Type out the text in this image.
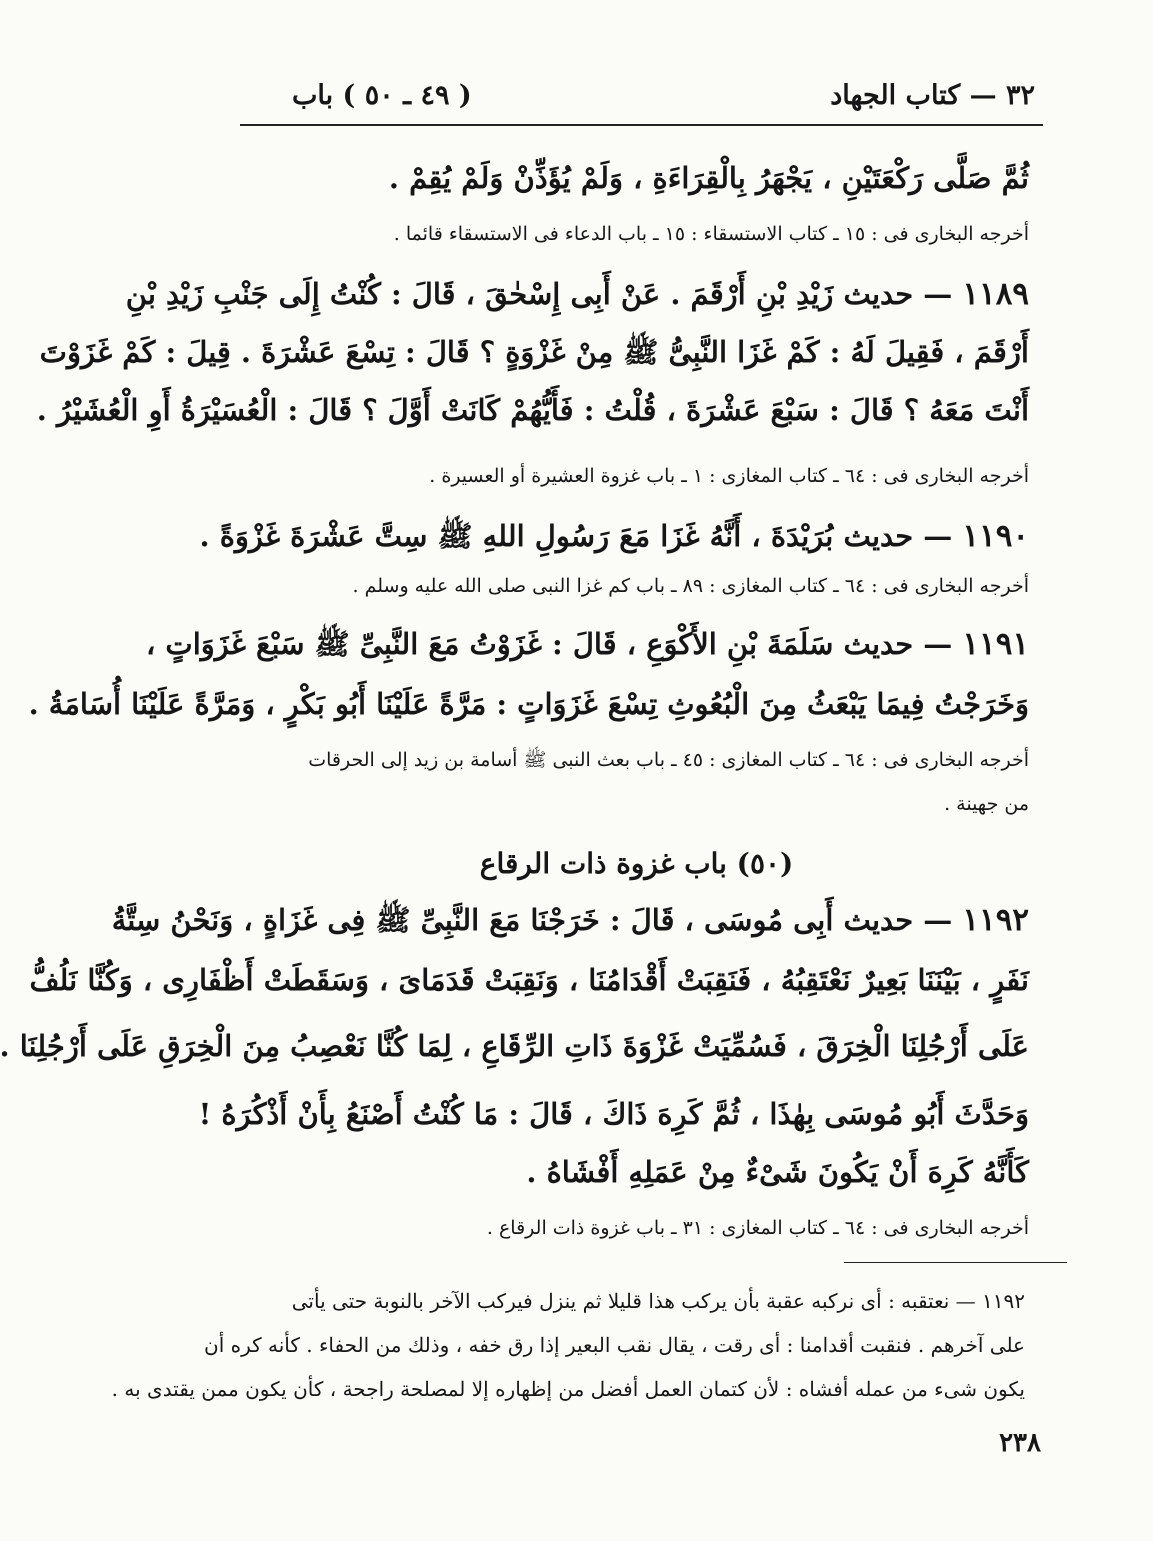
٣٢ — كتاب الجهاد
( ٤٩ ـ ٥٠ ) باب
ثُمَّ صَلَّى رَكْعَتَيْنِ ، يَجْهَرُ بِالْقِرَاءَةِ ، وَلَمْ يُؤَذِّنْ وَلَمْ يُقِمْ .
أخرجه البخارى فى : ١٥ ـ كتاب الاستسقاء : ١٥ ـ باب الدعاء فى الاستسقاء قائما .
١١٨٩ — حديث زَيْدِ بْنِ أَرْقَمَ . عَنْ أَبِى إِسْحٰقَ ، قَالَ : كُنْتُ إِلَى جَنْبِ زَيْدِ بْنِ
أَرْقَمَ ، فَقِيلَ لَهُ : كَمْ غَزَا النَّبِىُّ ﷺ مِنْ غَزْوَةٍ ؟ قَالَ : تِسْعَ عَشْرَةَ . قِيلَ : كَمْ غَزَوْتَ
أَنْتَ مَعَهُ ؟ قَالَ : سَبْعَ عَشْرَةَ ، قُلْتُ : فَأَيُّهُمْ كَانَتْ أَوَّلَ ؟ قَالَ : الْعُسَيْرَةُ أَوِ الْعُشَيْرُ .
أخرجه البخارى فى : ٦٤ ـ كتاب المغازى : ١ ـ باب غزوة العشيرة أو العسيرة .
١١٩٠ — حديث بُرَيْدَةَ ، أَنَّهُ غَزَا مَعَ رَسُولِ اللهِ ﷺ سِتَّ عَشْرَةَ غَزْوَةً .
أخرجه البخارى فى : ٦٤ ـ كتاب المغازى : ٨٩ ـ باب كم غزا النبى صلى الله عليه وسلم .
١١٩١ — حديث سَلَمَةَ بْنِ الأَكْوَعِ ، قَالَ : غَزَوْتُ مَعَ النَّبِىِّ ﷺ سَبْعَ غَزَوَاتٍ ،
وَخَرَجْتُ فِيمَا يَبْعَثُ مِنَ الْبُعُوثِ تِسْعَ غَزَوَاتٍ : مَرَّةً عَلَيْنَا أَبُو بَكْرٍ ، وَمَرَّةً عَلَيْنَا أُسَامَةُ .
أخرجه البخارى فى : ٦٤ ـ كتاب المغازى : ٤٥ ـ باب بعث النبى ﷺ أسامة بن زيد إلى الحرقات
من جهينة .
(٥٠) باب غزوة ذات الرقاع
١١٩٢ — حديث أَبِى مُوسَى ، قَالَ : خَرَجْنَا مَعَ النَّبِىِّ ﷺ فِى غَزَاةٍ ، وَنَحْنُ سِتَّةُ
نَفَرٍ ، بَيْنَنَا بَعِيرٌ نَعْتَقِبُهُ ، فَنَقِبَتْ أَقْدَامُنَا ، وَنَقِبَتْ قَدَمَاىَ ، وَسَقَطَتْ أَظْفَارِى ، وَكُنَّا نَلُفُّ
عَلَى أَرْجُلِنَا الْخِرَقَ ، فَسُمِّيَتْ غَزْوَةَ ذَاتِ الرِّقَاعِ ، لِمَا كُنَّا نَعْصِبُ مِنَ الْخِرَقِ عَلَى أَرْجُلِنَا .
وَحَدَّثَ أَبُو مُوسَى بِهٰذَا ، ثُمَّ كَرِهَ ذَاكَ ، قَالَ : مَا كُنْتُ أَصْنَعُ بِأَنْ أَذْكُرَهُ !
كَأَنَّهُ كَرِهَ أَنْ يَكُونَ شَىْءٌ مِنْ عَمَلِهِ أَفْشَاهُ .
أخرجه البخارى فى : ٦٤ ـ كتاب المغازى : ٣١ ـ باب غزوة ذات الرقاع .
١١٩٢ — نعتقبه : أى نركبه عقبة بأن يركب هذا قليلا ثم ينزل فيركب الآخر بالنوبة حتى يأتى
على آخرهم . فنقبت أقدامنا : أى رقت ، يقال نقب البعير إذا رق خفه ، وذلك من الحفاء . كأنه كره أن
يكون شىء من عمله أفشاه : لأن كتمان العمل أفضل من إظهاره إلا لمصلحة راجحة ، كأن يكون ممن يقتدى به .
٢٣٨
